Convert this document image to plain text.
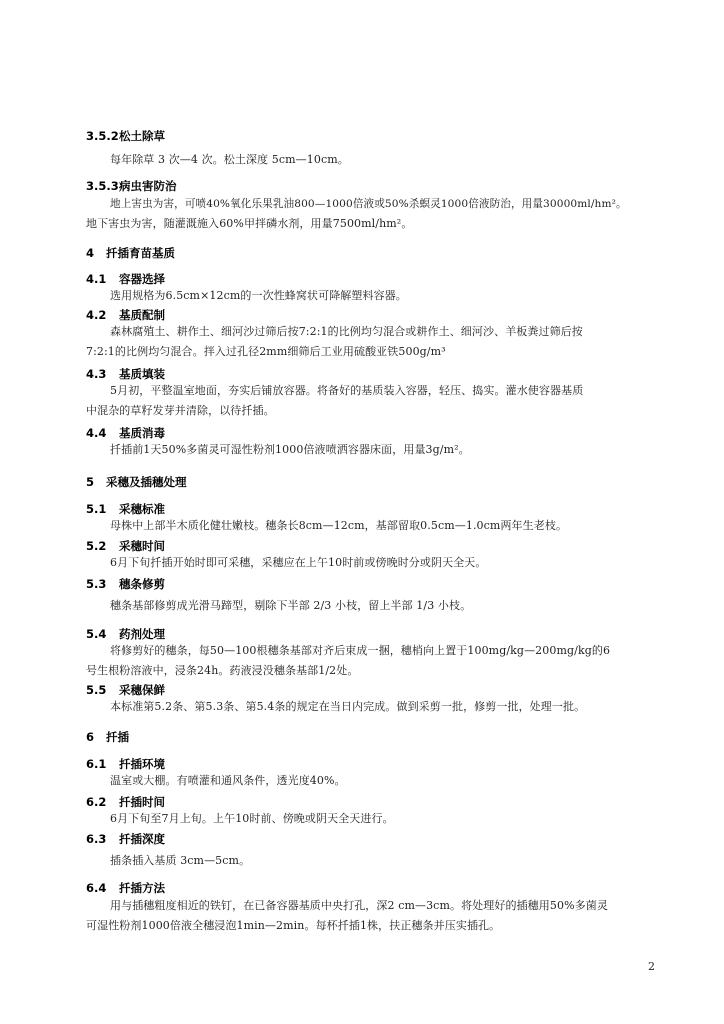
3.5.2松土除草
每年除草 3 次—4 次。松土深度 5cm—10cm。
3.5.3病虫害防治
地上害虫为害，可喷40%氧化乐果乳油800—1000倍液或50%杀螟灵1000倍液防治，用量30000ml/hm²。
地下害虫为害，随灌溉施入60%甲拌磷水剂，用量7500ml/hm²。
4 扦插育苗基质
4.1 容器选择
选用规格为6.5cm×12cm的一次性蜂窝状可降解塑料容器。
4.2 基质配制
森林腐殖土、耕作土、细河沙过筛后按7:2:1的比例均匀混合或耕作土、细河沙、羊板粪过筛后按
7:2:1的比例均匀混合。拌入过孔径2mm细筛后工业用硫酸亚铁500g/m³
4.3 基质填装
5月初，平整温室地面，夯实后铺放容器。将备好的基质装入容器，轻压、捣实。灌水使容器基质
中混杂的草籽发芽并清除，以待扦插。
4.4 基质消毒
扦插前1天50%多菌灵可湿性粉剂1000倍液喷洒容器床面，用量3g/m²。
5 采穗及插穗处理
5.1 采穗标准
母株中上部半木质化健壮嫩枝。穗条长8cm—12cm，基部留取0.5cm—1.0cm两年生老枝。
5.2 采穗时间
6月下旬扦插开始时即可采穗，采穗应在上午10时前或傍晚时分或阴天全天。
5.3 穗条修剪
穗条基部修剪成光滑马蹄型，剔除下半部 2/3 小枝，留上半部 1/3 小枝。
5.4 药剂处理
将修剪好的穗条，每50—100根穗条基部对齐后束成一捆，穗梢向上置于100mg/kg—200mg/kg的6
号生根粉溶液中，浸条24h。药液浸没穗条基部1/2处。
5.5 采穗保鲜
本标准第5.2条、第5.3条、第5.4条的规定在当日内完成。做到采剪一批，修剪一批，处理一批。
6 扦插
6.1 扦插环境
温室或大棚。有喷灌和通风条件，透光度40%。
6.2 扦插时间
6月下旬至7月上旬。上午10时前、傍晚或阴天全天进行。
6.3 扦插深度
插条插入基质 3cm—5cm。
6.4 扦插方法
用与插穗粗度相近的铁钉，在已备容器基质中央打孔，深2 cm—3cm。将处理好的插穗用50%多菌灵
可湿性粉剂1000倍液全穗浸泡1min—2min。每杯扦插1株，扶正穗条并压实插孔。
2
